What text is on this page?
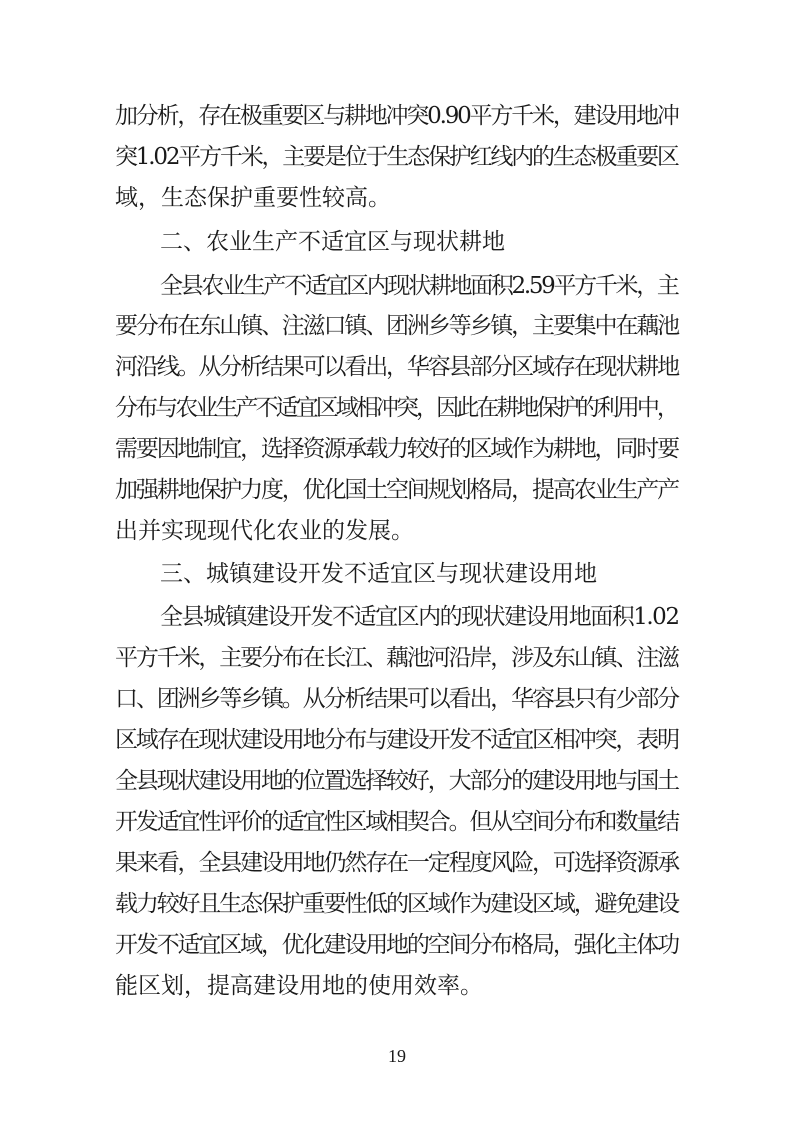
加分析，存在极重要区与耕地冲突0.90平方千米，建设用地冲
突1.02平方千米，主要是位于生态保护红线内的生态极重要区
域，生态保护重要性较高。
二、农业生产不适宜区与现状耕地
全县农业生产不适宜区内现状耕地面积2.59平方千米，主
要分布在东山镇、注滋口镇、团洲乡等乡镇，主要集中在藕池
河沿线。从分析结果可以看出，华容县部分区域存在现状耕地
分布与农业生产不适宜区域相冲突，因此在耕地保护的利用中，
需要因地制宜，选择资源承载力较好的区域作为耕地，同时要
加强耕地保护力度，优化国土空间规划格局，提高农业生产产
出并实现现代化农业的发展。
三、城镇建设开发不适宜区与现状建设用地
全县城镇建设开发不适宜区内的现状建设用地面积1.02
平方千米，主要分布在长江、藕池河沿岸，涉及东山镇、注滋
口、团洲乡等乡镇。从分析结果可以看出，华容县只有少部分
区域存在现状建设用地分布与建设开发不适宜区相冲突，表明
全县现状建设用地的位置选择较好，大部分的建设用地与国土
开发适宜性评价的适宜性区域相契合。但从空间分布和数量结
果来看，全县建设用地仍然存在一定程度风险，可选择资源承
载力较好且生态保护重要性低的区域作为建设区域，避免建设
开发不适宜区域，优化建设用地的空间分布格局，强化主体功
能区划，提高建设用地的使用效率。
19
